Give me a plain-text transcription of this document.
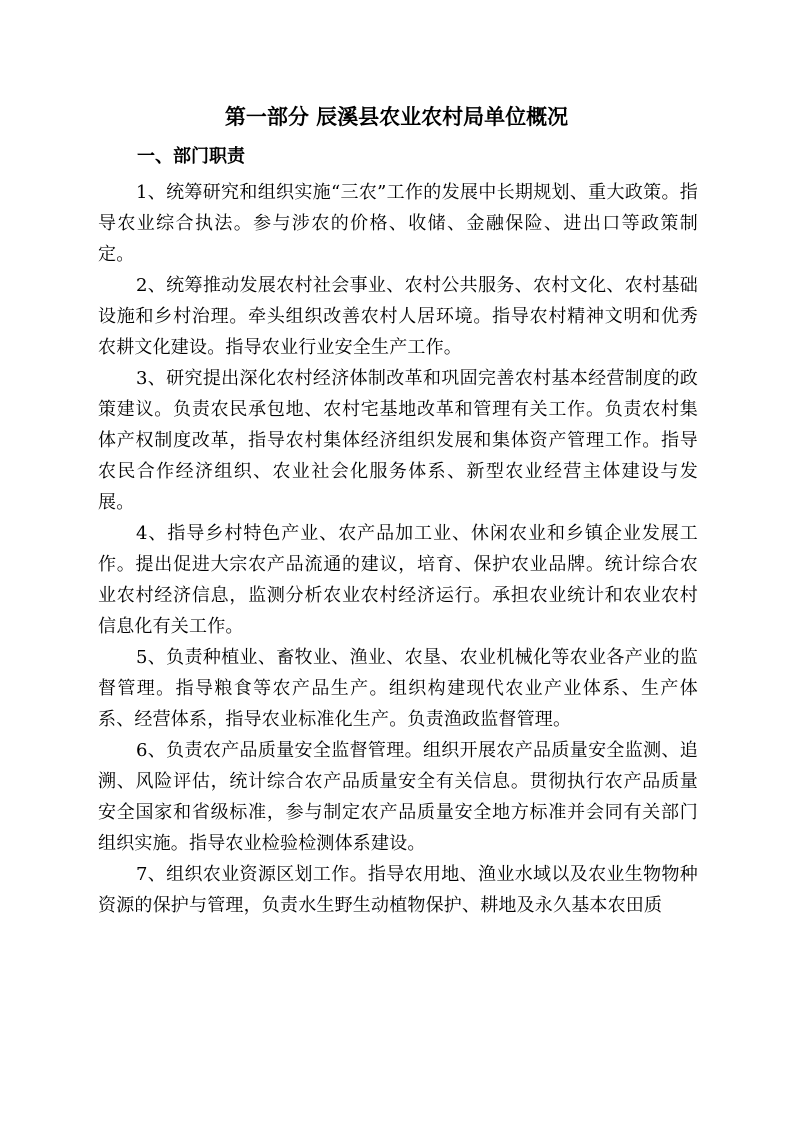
第一部分 辰溪县农业农村局单位概况
一、部门职责

1、统筹研究和组织实施“三农”工作的发展中长期规划、重大政策。指导农业综合执法。参与涉农的价格、收储、金融保险、进出口等政策制定。

2、统筹推动发展农村社会事业、农村公共服务、农村文化、农村基础设施和乡村治理。牵头组织改善农村人居环境。指导农村精神文明和优秀农耕文化建设。指导农业行业安全生产工作。

3、研究提出深化农村经济体制改革和巩固完善农村基本经营制度的政策建议。负责农民承包地、农村宅基地改革和管理有关工作。负责农村集体产权制度改革，指导农村集体经济组织发展和集体资产管理工作。指导农民合作经济组织、农业社会化服务体系、新型农业经营主体建设与发展。

4、指导乡村特色产业、农产品加工业、休闲农业和乡镇企业发展工作。提出促进大宗农产品流通的建议，培育、保护农业品牌。统计综合农业农村经济信息，监测分析农业农村经济运行。承担农业统计和农业农村信息化有关工作。

5、负责种植业、畜牧业、渔业、农垦、农业机械化等农业各产业的监督管理。指导粮食等农产品生产。组织构建现代农业产业体系、生产体系、经营体系，指导农业标准化生产。负责渔政监督管理。

6、负责农产品质量安全监督管理。组织开展农产品质量安全监测、追溯、风险评估，统计综合农产品质量安全有关信息。贯彻执行农产品质量安全国家和省级标准，参与制定农产品质量安全地方标准并会同有关部门组织实施。指导农业检验检测体系建设。

7、组织农业资源区划工作。指导农用地、渔业水域以及农业生物物种资源的保护与管理，负责水生野生动植物保护、耕地及永久基本农田质
